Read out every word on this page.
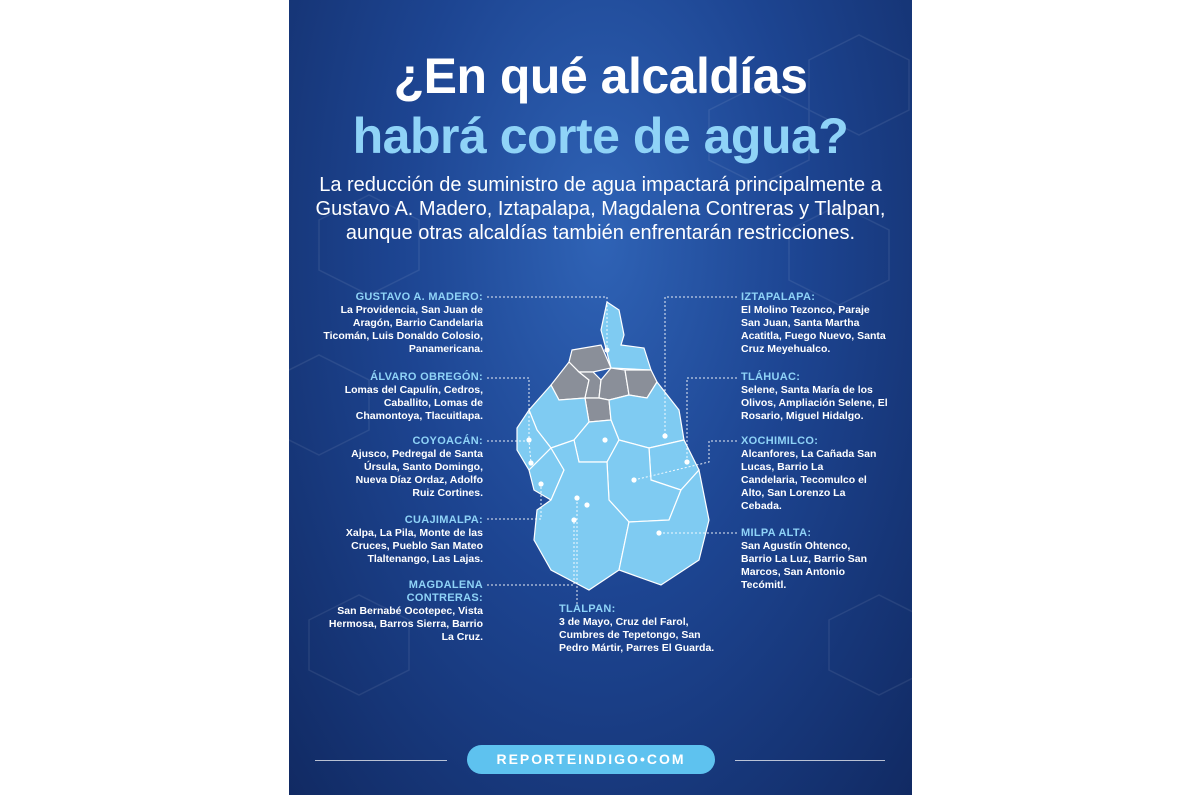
¿En qué alcaldías
habrá corte de agua?
La reducción de suministro de agua impactará principalmente a Gustavo A. Madero, Iztapalapa, Magdalena Contreras y Tlalpan, aunque otras alcaldías también enfrentarán restricciones.
GUSTAVO A. MADERO:
La Providencia, San Juan de Aragón, Barrio Candelaria Ticomán, Luis Donaldo Colosio, Panamericana.
ÁLVARO OBREGÓN:
Lomas del Capulín, Cedros, Caballito, Lomas de Chamontoya, Tlacuitlapa.
COYOACÁN:
Ajusco, Pedregal de Santa Úrsula, Santo Domingo, Nueva Díaz Ordaz, Adolfo Ruiz Cortines.
CUAJIMALPA:
Xalpa, La Pila, Monte de las Cruces, Pueblo San Mateo Tlaltenango, Las Lajas.
MAGDALENA CONTRERAS:
San Bernabé Ocotepec, Vista Hermosa, Barros Sierra, Barrio La Cruz.
IZTAPALAPA:
El Molino Tezonco, Paraje San Juan, Santa Martha Acatitla, Fuego Nuevo, Santa Cruz Meyehualco.
TLÁHUAC:
Selene, Santa María de los Olivos, Ampliación Selene, El Rosario, Miguel Hidalgo.
XOCHIMILCO:
Alcanfores, La Cañada San Lucas, Barrio La Candelaria, Tecomulco el Alto, San Lorenzo La Cebada.
MILPA ALTA:
San Agustín Ohtenco, Barrio La Luz, Barrio San Marcos, San Antonio Tecómitl.
TLALPAN:
3 de Mayo, Cruz del Farol, Cumbres de Tepetongo, San Pedro Mártir, Parres El Guarda.
REPORTEINDIGO•COM
